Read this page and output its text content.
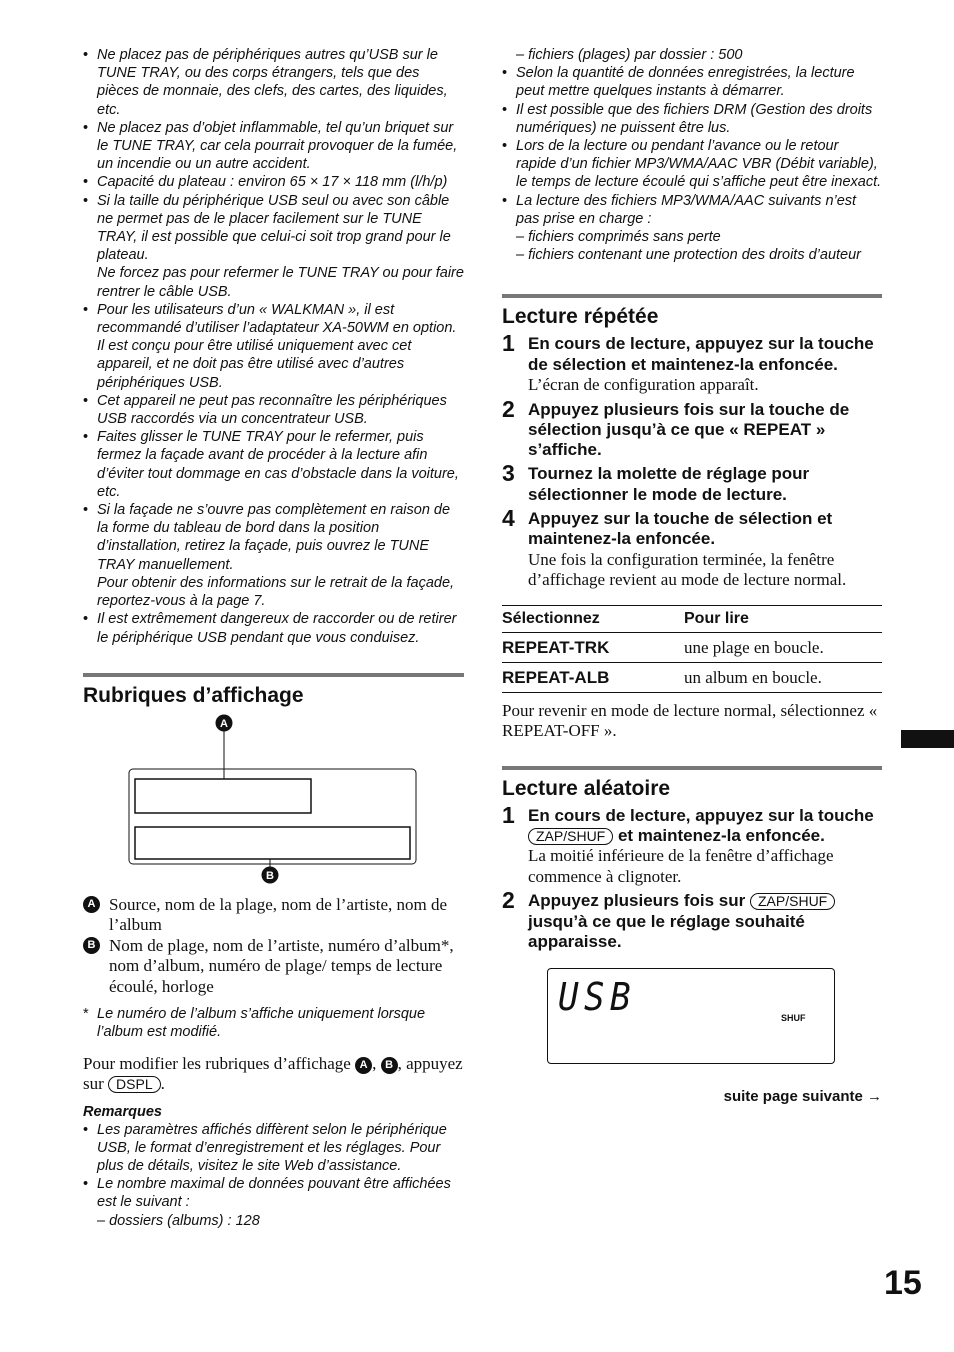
• Ne placez pas de périphériques autres qu’USB sur le TUNE TRAY, ou des corps étrangers, tels que des pièces de monnaie, des clefs, des cartes, des liquides, etc.
• Ne placez pas d’objet inflammable, tel qu’un briquet sur le TUNE TRAY, car cela pourrait provoquer de la fumée, un incendie ou un autre accident.
• Capacité du plateau : environ 65 × 17 × 118 mm (l/h/p)
• Si la taille du périphérique USB seul ou avec son câble ne permet pas de le placer facilement sur le TUNE TRAY, il est possible que celui-ci soit trop grand pour le plateau.
Ne forcez pas pour refermer le TUNE TRAY ou pour faire rentrer le câble USB.
• Pour les utilisateurs d’un « WALKMAN », il est recommandé d’utiliser l’adaptateur XA-50WM en option. Il est conçu pour être utilisé uniquement avec cet appareil, et ne doit pas être utilisé avec d’autres périphériques USB.
• Cet appareil ne peut pas reconnaître les périphériques USB raccordés via un concentrateur USB.
• Faites glisser le TUNE TRAY pour le refermer, puis fermez la façade avant de procéder à la lecture afin d’éviter tout dommage en cas d’obstacle dans la voiture, etc.
• Si la façade ne s’ouvre pas complètement en raison de la forme du tableau de bord dans la position d’installation, retirez la façade, puis ouvrez le TUNE TRAY manuellement.
Pour obtenir des informations sur le retrait de la façade, reportez-vous à la page 7.
• Il est extrêmement dangereux de raccorder ou de retirer le périphérique USB pendant que vous conduisez.
Rubriques d’affichage
A
B
A Source, nom de la plage, nom de l’artiste, nom de l’album
B Nom de plage, nom de l’artiste, numéro d’album*, nom d’album, numéro de plage/ temps de lecture écoulé, horloge
* Le numéro de l’album s’affiche uniquement lorsque l’album est modifié.
Pour modifier les rubriques d’affichage A , B , appuyez sur DSPL .
Remarques
• Les paramètres affichés diffèrent selon le périphérique USB, le format d’enregistrement et les réglages. Pour plus de détails, visitez le site Web d’assistance.
• Le nombre maximal de données pouvant être affichées est le suivant :
– dossiers (albums) : 128
– fichiers (plages) par dossier : 500
• Selon la quantité de données enregistrées, la lecture peut mettre quelques instants à démarrer.
• Il est possible que des fichiers DRM (Gestion des droits numériques) ne puissent être lus.
• Lors de la lecture ou pendant l’avance ou le retour rapide d’un fichier MP3/WMA/AAC VBR (Débit variable), le temps de lecture écoulé qui s’affiche peut être inexact.
• La lecture des fichiers MP3/WMA/AAC suivants n’est pas prise en charge :
– fichiers comprimés sans perte
– fichiers contenant une protection des droits d’auteur
Lecture répétée
1 En cours de lecture, appuyez sur la touche de sélection et maintenez-la enfoncée.
L’écran de configuration apparaît.
2 Appuyez plusieurs fois sur la touche de sélection jusqu’à ce que « REPEAT » s’affiche.
3 Tournez la molette de réglage pour sélectionner le mode de lecture.
4 Appuyez sur la touche de sélection et maintenez-la enfoncée.
Une fois la configuration terminée, la fenêtre d’affichage revient au mode de lecture normal.
Sélectionnez	Pour lire
REPEAT-TRK	une plage en boucle.
REPEAT-ALB	un album en boucle.
Pour revenir en mode de lecture normal, sélectionnez « REPEAT-OFF ».
Lecture aléatoire
1 En cours de lecture, appuyez sur la touche ZAP/SHUF et maintenez-la enfoncée.
La moitié inférieure de la fenêtre d’affichage commence à clignoter.
2 Appuyez plusieurs fois sur ZAP/SHUF jusqu’à ce que le réglage souhaité apparaisse.
USB	SHUF
suite page suivante →
15
